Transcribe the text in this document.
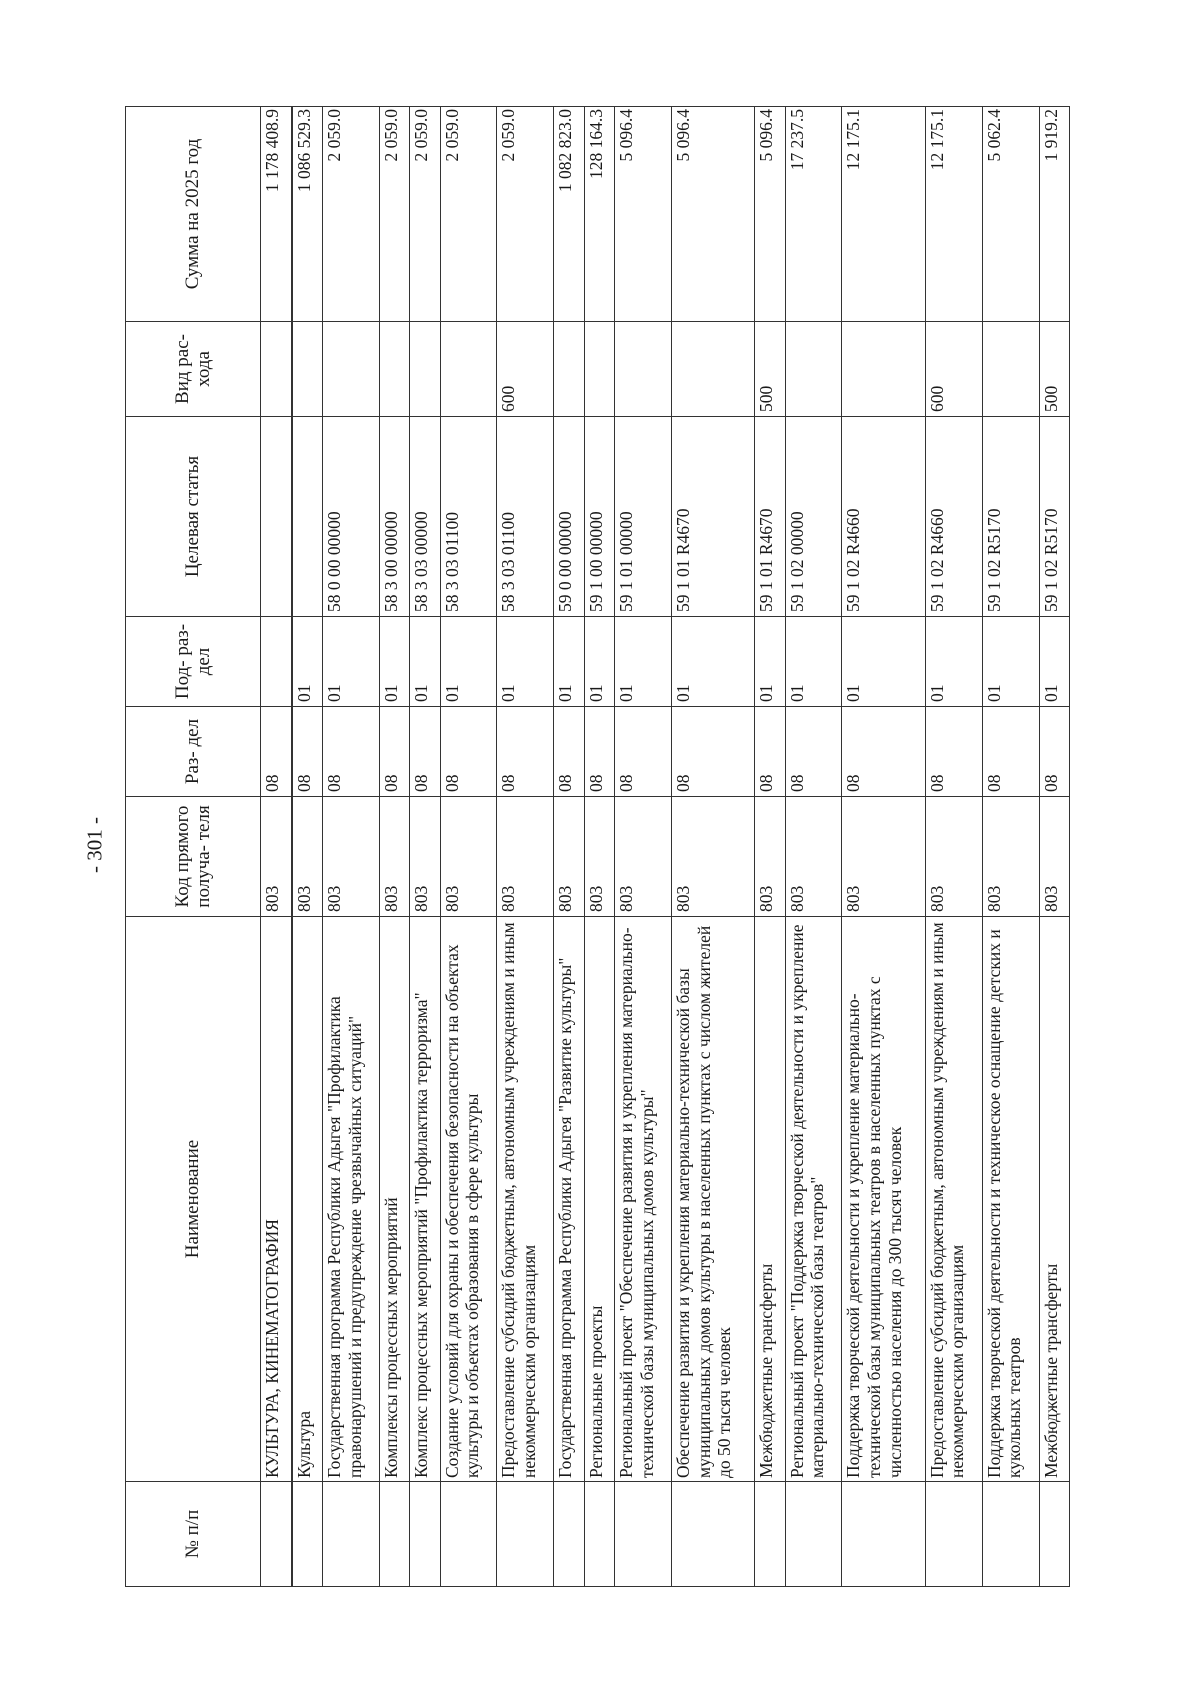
- 301 -
№ п/п	Наименование	Код прямого получа- теля	Раз- дел	Под- раз- дел	Целевая статья	Вид рас- хода	Сумма на 2025 год
	КУЛЬТУРА, КИНЕМАТОГРАФИЯ	803	08				1 178 408.9
	Культура	803	08	01			1 086 529.3
	Государственная программа Республики Адыгея "Профилактика правонарушений и предупреждение чрезвычайных ситуаций"	803	08	01	58 0 00 00000		2 059.0
	Комплексы процессных мероприятий	803	08	01	58 3 00 00000		2 059.0
	Комплекс процессных мероприятий "Профилактика терроризма"	803	08	01	58 3 03 00000		2 059.0
	Создание условий для охраны и обеспечения безопасности на объектах культуры и объектах образования в сфере культуры	803	08	01	58 3 03 01100		2 059.0
	Предоставление субсидий бюджетным, автономным учреждениям и иным некоммерческим организациям	803	08	01	58 3 03 01100	600	2 059.0
	Государственная программа Республики Адыгея "Развитие культуры"	803	08	01	59 0 00 00000		1 082 823.0
	Региональные проекты	803	08	01	59 1 00 00000		128 164.3
	Региональный проект "Обеспечение развития и укрепления материально-технической базы муниципальных домов культуры"	803	08	01	59 1 01 00000		5 096.4
	Обеспечение развития и укрепления материально-технической базы муниципальных домов культуры в населенных пунктах с числом жителей до 50 тысяч человек	803	08	01	59 1 01 R4670		5 096.4
	Межбюджетные трансферты	803	08	01	59 1 01 R4670	500	5 096.4
	Региональный проект "Поддержка творческой деятельности и укрепление материально-технической базы театров"	803	08	01	59 1 02 00000		17 237.5
	Поддержка творческой деятельности и укрепление материально-технической базы муниципальных театров в населенных пунктах с численностью населения до 300 тысяч человек	803	08	01	59 1 02 R4660		12 175.1
	Предоставление субсидий бюджетным, автономным учреждениям и иным некоммерческим организациям	803	08	01	59 1 02 R4660	600	12 175.1
	Поддержка творческой деятельности и техническое оснащение детских и кукольных театров	803	08	01	59 1 02 R5170		5 062.4
	Межбюджетные трансферты	803	08	01	59 1 02 R5170	500	1 919.2
